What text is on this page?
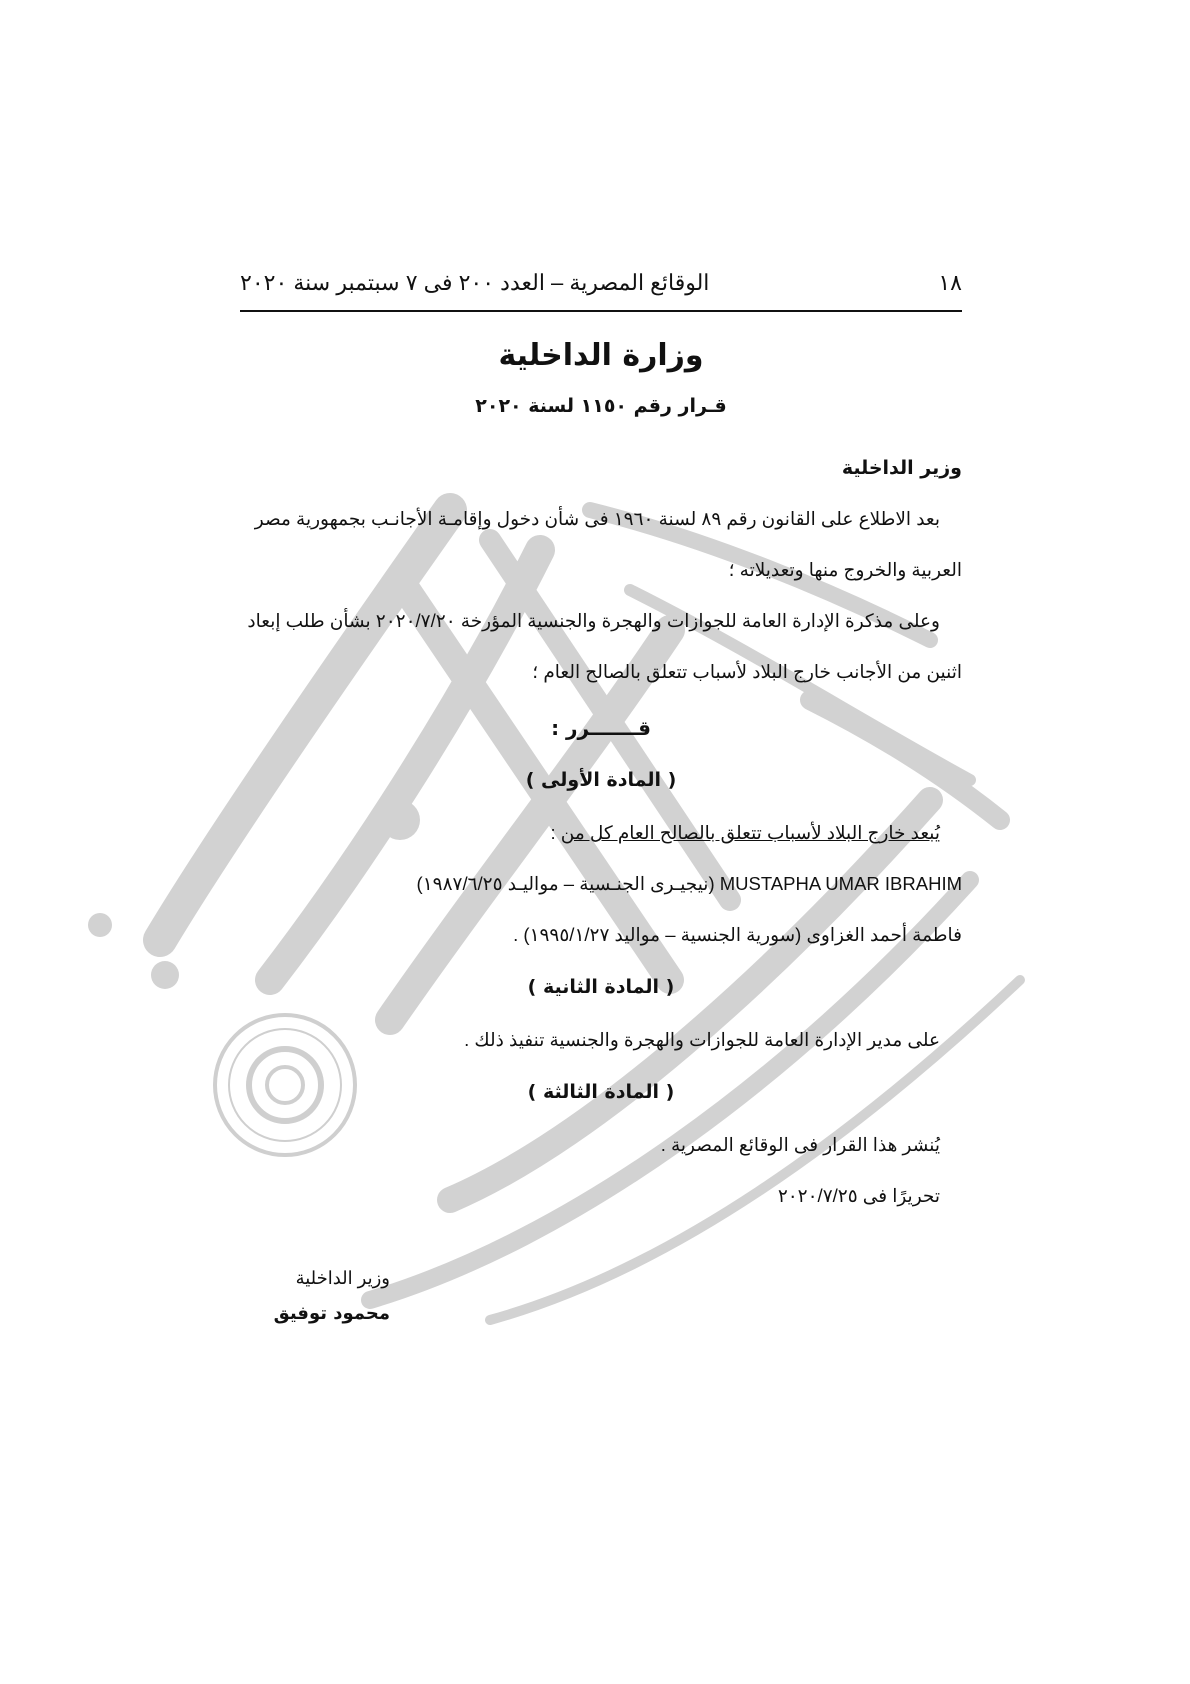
١٨
الوقائع المصرية – العدد ٢٠٠ فى ٧ سبتمبر سنة ٢٠٢٠
وزارة الداخلية
قـرار رقم ١١٥٠ لسنة ٢٠٢٠
وزير الداخلية

بعد الاطلاع على القانون رقم ٨٩ لسنة ١٩٦٠ فى شأن دخول وإقامـة الأجانـب بجمهورية مصر العربية والخروج منها وتعديلاته ؛

وعلى مذكرة الإدارة العامة للجوازات والهجرة والجنسية المؤرخة ٢٠٢٠/٧/٢٠ بشأن طلب إبعاد اثنين من الأجانب خارج البلاد لأسباب تتعلق بالصالح العام ؛

قـــــــرر :
( المادة الأولى )

يُبعد خارج البلاد لأسباب تتعلق بالصالح العام كل من :

MUSTAPHA UMAR IBRAHIM (نيجيـرى الجنـسية – مواليـد ١٩٨٧/٦/٢٥)

فاطمة أحمد الغزاوى (سورية الجنسية – مواليد ١٩٩٥/١/٢٧) .

( المادة الثانية )

على مدير الإدارة العامة للجوازات والهجرة والجنسية تنفيذ ذلك .

( المادة الثالثة )

يُنشر هذا القرار فى الوقائع المصرية .

تحريرًا فى ٢٠٢٠/٧/٢٥

وزير الداخلية
محمود توفيق
